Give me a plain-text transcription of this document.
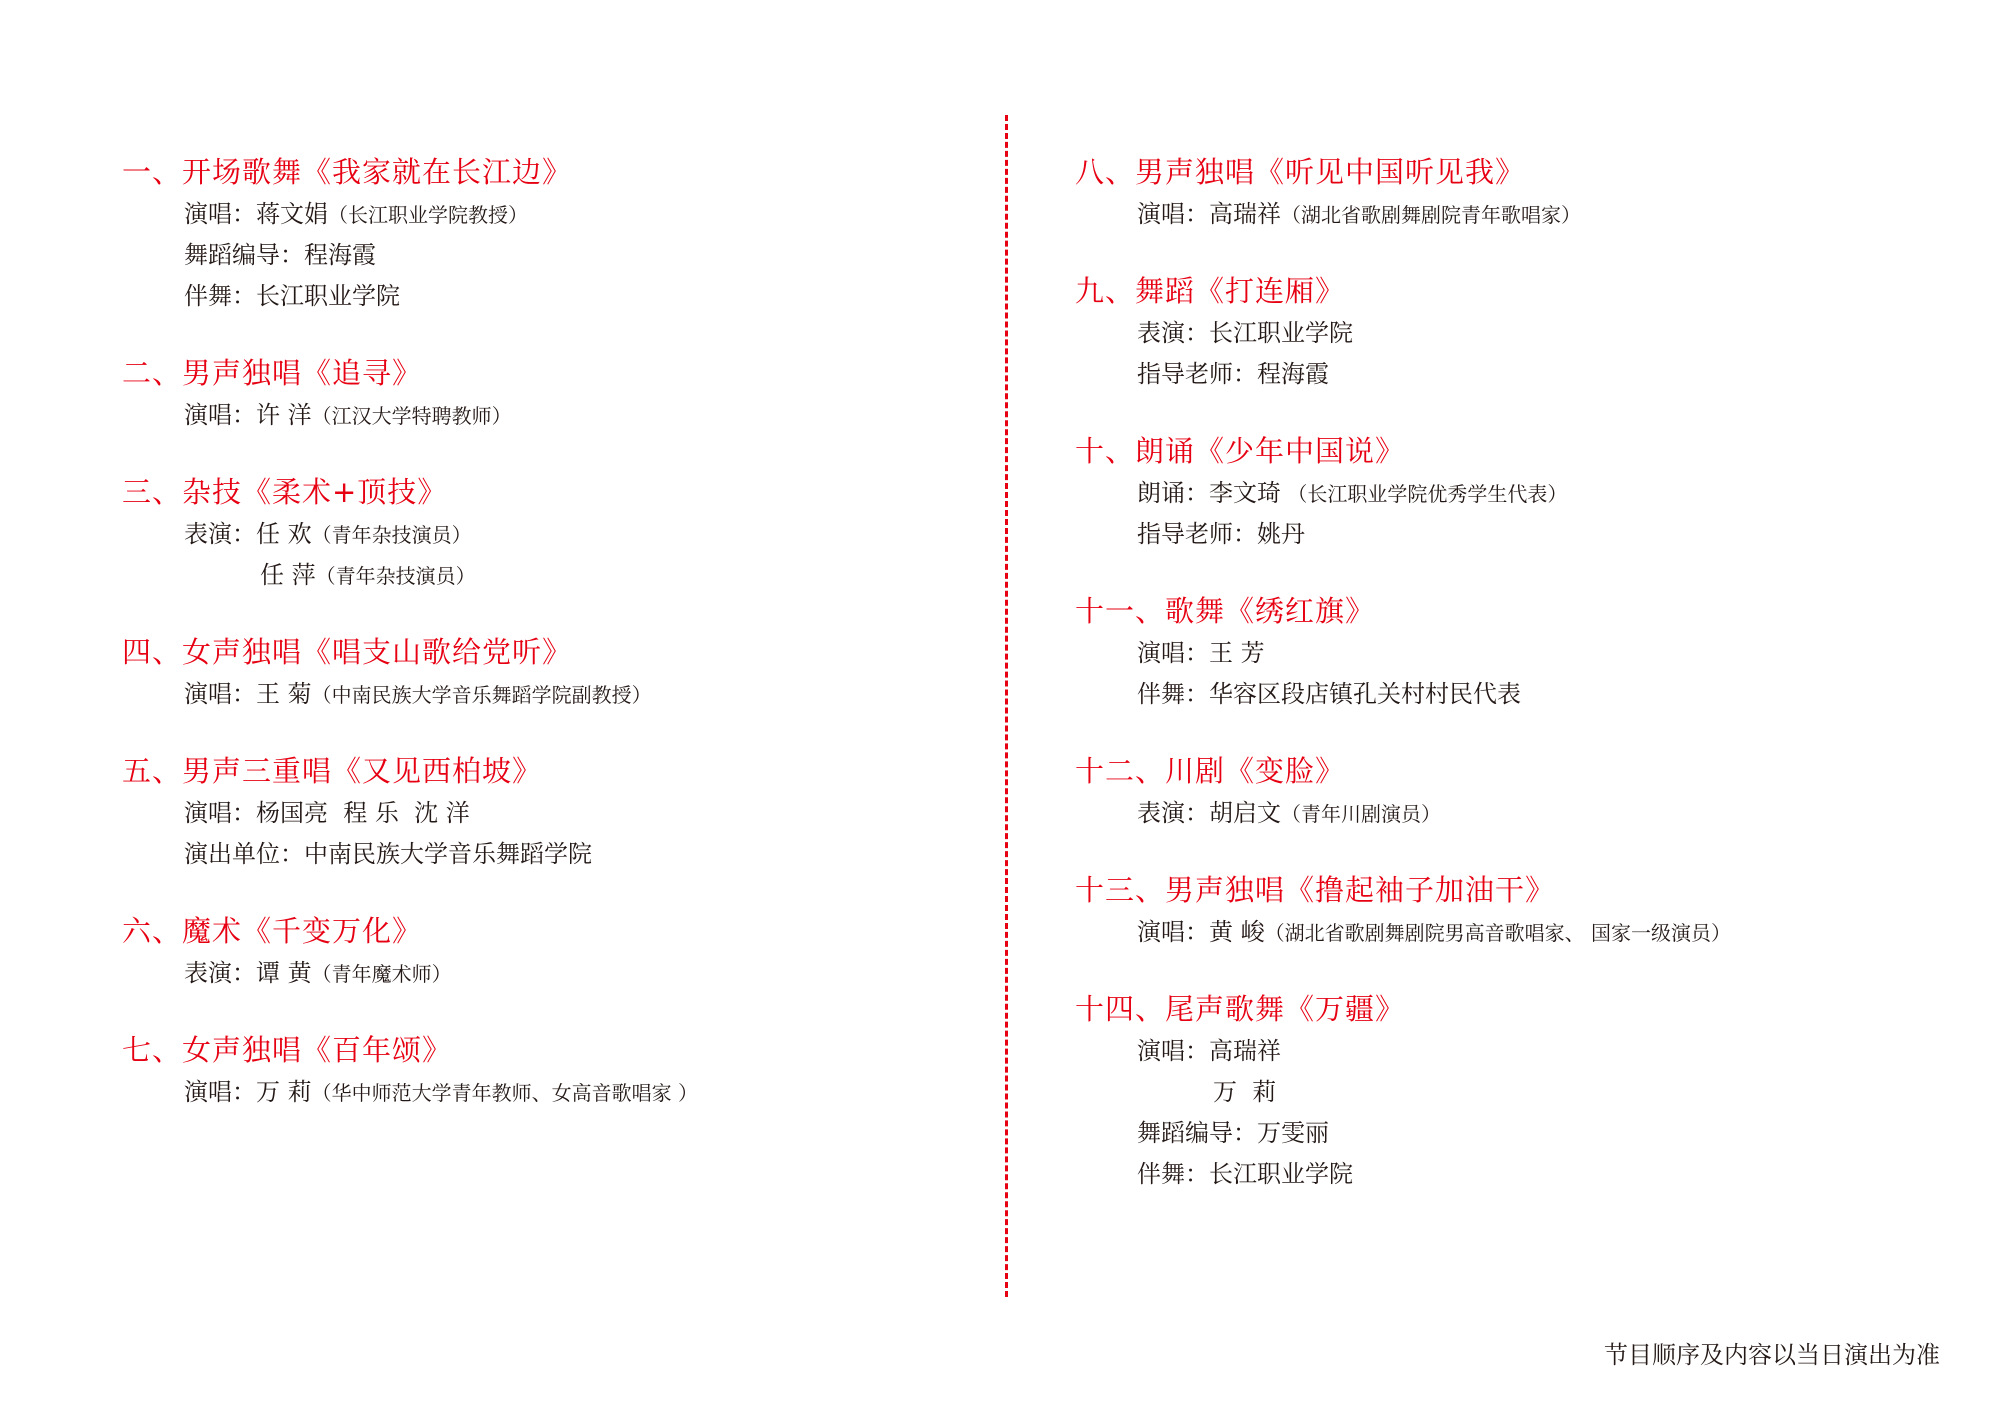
一、开场歌舞《我家就在长江边》
演唱：蒋文娟（长江职业学院教授）
舞蹈编导：程海霞
伴舞：长江职业学院
二、男声独唱《追寻》
演唱：许 洋（江汉大学特聘教师）
三、杂技《柔术+顶技》
表演：任 欢（青年杂技演员）
任 萍（青年杂技演员）
四、女声独唱《唱支山歌给党听》
演唱：王 菊（中南民族大学音乐舞蹈学院副教授）
五、男声三重唱《又见西柏坡》
演唱：杨国亮  程 乐  沈 洋
演出单位：中南民族大学音乐舞蹈学院
六、魔术《千变万化》
表演：谭 黄（青年魔术师）
七、女声独唱《百年颂》
演唱：万 莉（华中师范大学青年教师、女高音歌唱家 ）
八、男声独唱《听见中国听见我》
演唱：高瑞祥（湖北省歌剧舞剧院青年歌唱家）
九、舞蹈《打连厢》
表演：长江职业学院
指导老师：程海霞
十、朗诵《少年中国说》
朗诵：李文琦 （长江职业学院优秀学生代表）
指导老师：姚丹
十一、歌舞《绣红旗》
演唱：王 芳
伴舞：华容区段店镇孔关村村民代表
十二、川剧《变脸》
表演：胡启文（青年川剧演员）
十三、男声独唱《撸起袖子加油干》
演唱：黄 峻（湖北省歌剧舞剧院男高音歌唱家、 国家一级演员）
十四、尾声歌舞《万疆》
演唱：高瑞祥
万  莉
舞蹈编导：万雯丽
伴舞：长江职业学院
节目顺序及内容以当日演出为准
